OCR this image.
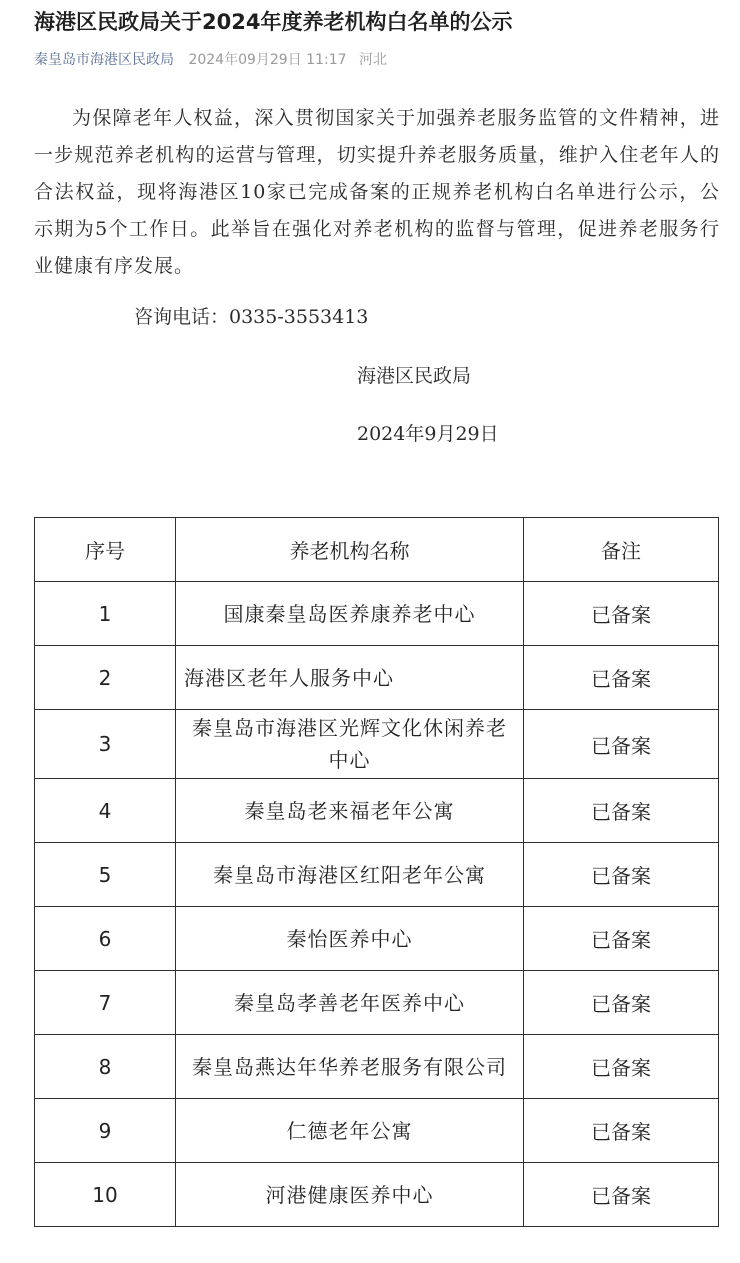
海港区民政局关于2024年度养老机构白名单的公示
秦皇岛市海港区民政局 2024年09月29日 11:17 河北

为保障老年人权益，深入贯彻国家关于加强养老服务监管的文件精神，进一步规范养老机构的运营与管理，切实提升养老服务质量，维护入住老年人的合法权益，现将海港区10家已完成备案的正规养老机构白名单进行公示，公示期为5个工作日。此举旨在强化对养老机构的监督与管理，促进养老服务行业健康有序发展。

咨询电话：0335-3553413
海港区民政局
2024年9月29日
序号	养老机构名称	备注
1	国康秦皇岛医养康养老中心	已备案
2	海港区老年人服务中心	已备案
3	秦皇岛市海港区光辉文化休闲养老中心	已备案
4	秦皇岛老来福老年公寓	已备案
5	秦皇岛市海港区红阳老年公寓	已备案
6	秦怡医养中心	已备案
7	秦皇岛孝善老年医养中心	已备案
8	秦皇岛燕达年华养老服务有限公司	已备案
9	仁德老年公寓	已备案
10	河港健康医养中心	已备案
